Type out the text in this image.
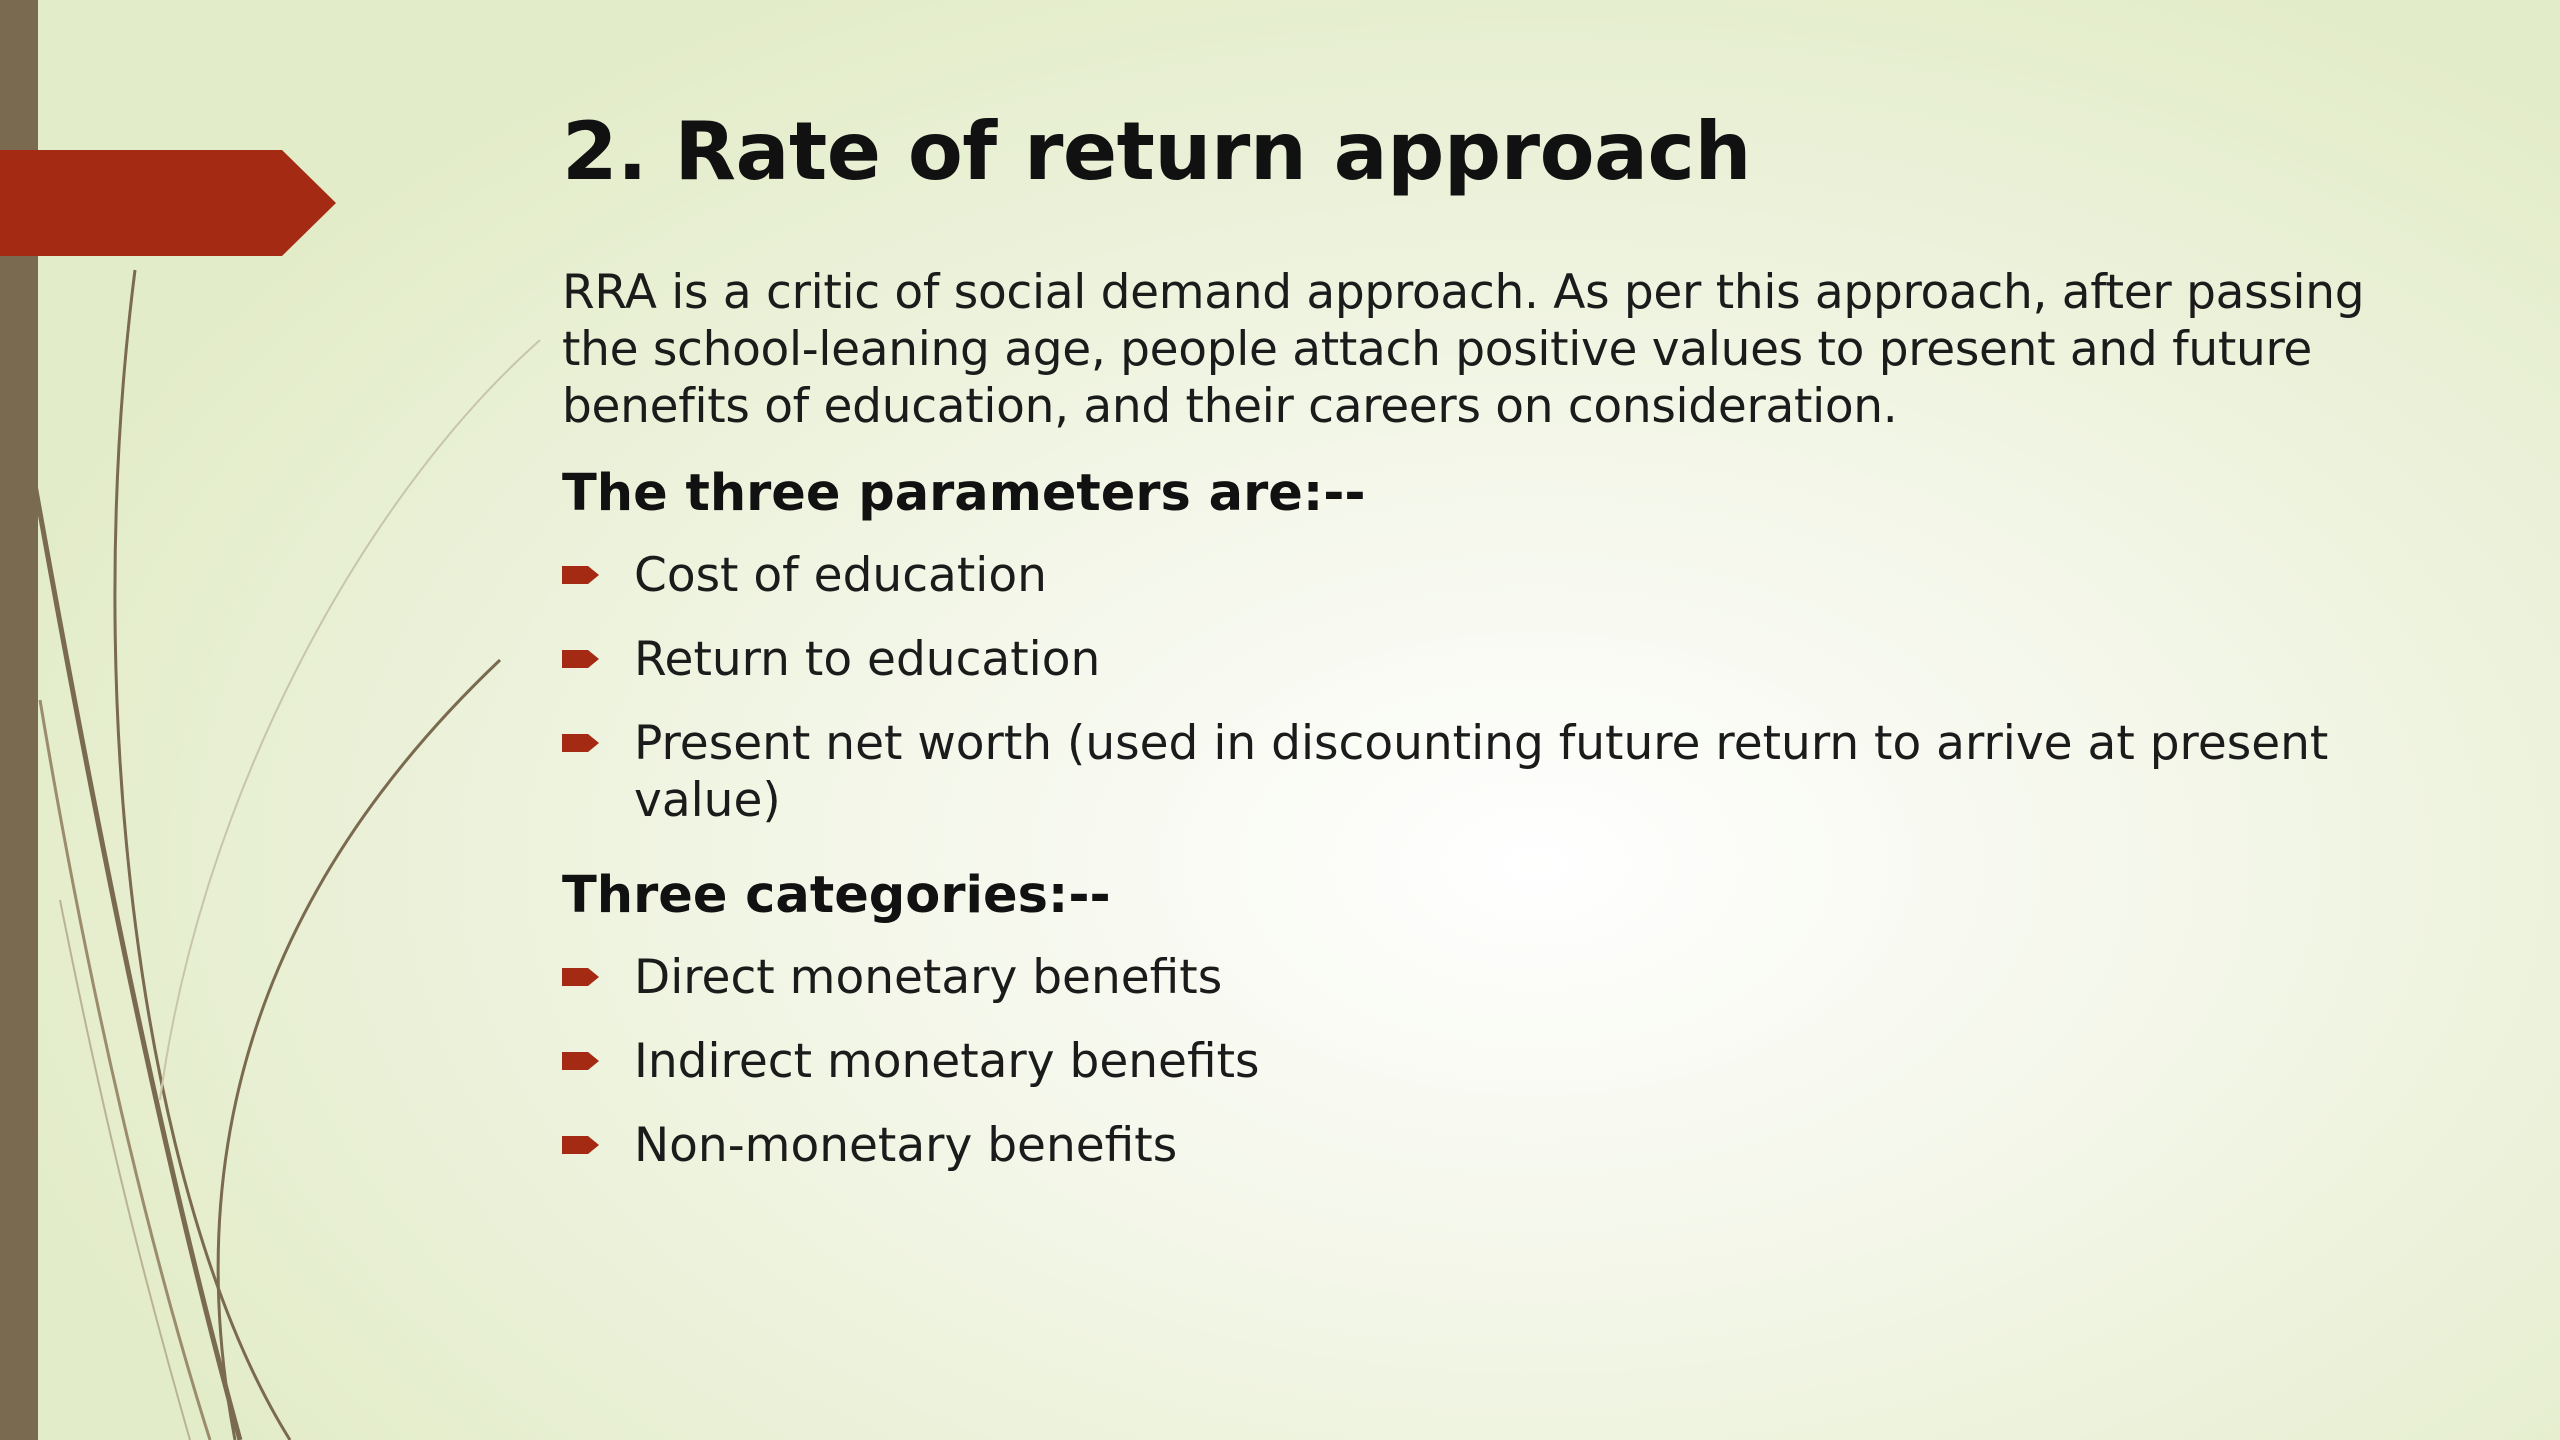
2. Rate of return approach

RRA is a critic of social demand approach. As per this approach, after passing the school-leaning age, people attach positive values to present and future benefits of education, and their careers on consideration.

The three parameters are:--
Cost of education
Return to education
Present net worth (used in discounting future return to arrive at present value)
Three categories:--
Direct monetary benefits
Indirect monetary benefits
Non-monetary benefits
